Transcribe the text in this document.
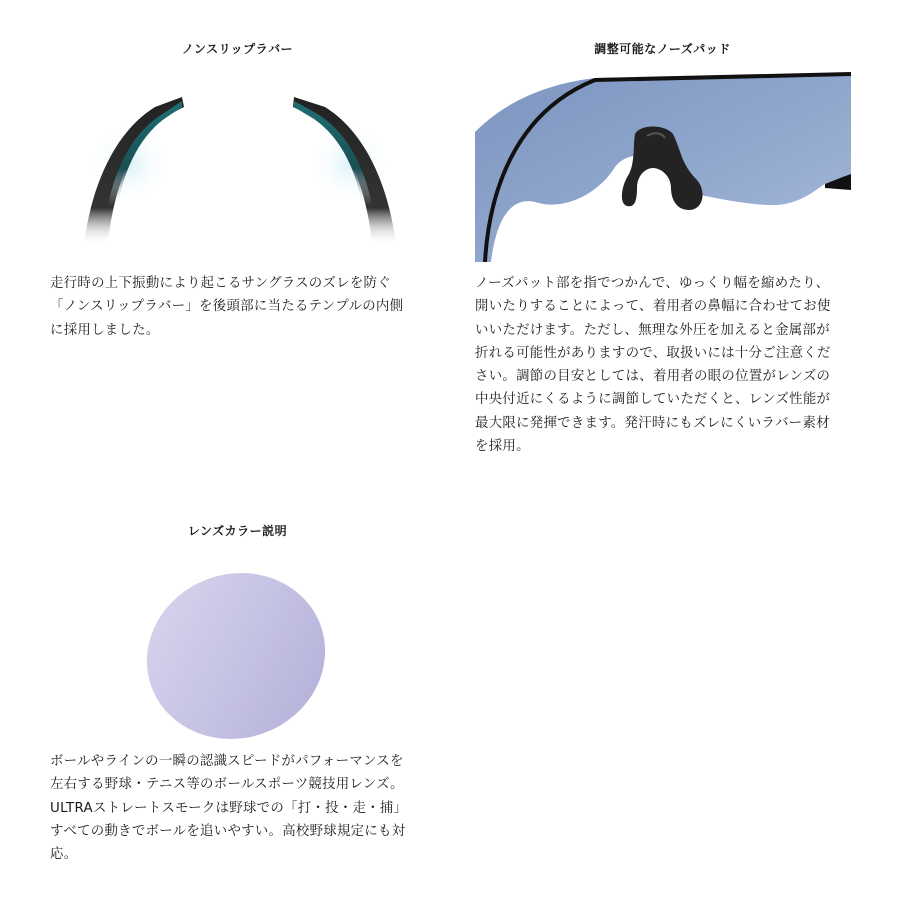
ノンスリップラバー

走行時の上下振動により起こるサングラスのズレを防ぐ
「ノンスリップラバー」を後頭部に当たるテンプルの内側
に採用しました。

調整可能なノーズパッド

ノーズパット部を指でつかんで、ゆっくり幅を縮めたり、
開いたりすることによって、着用者の鼻幅に合わせてお使
いいただけます。ただし、無理な外圧を加えると金属部が
折れる可能性がありますので、取扱いには十分ご注意くだ
さい。調節の目安としては、着用者の眼の位置がレンズの
中央付近にくるように調節していただくと、レンズ性能が
最大限に発揮できます。発汗時にもズレにくいラバー素材
を採用。

レンズカラー説明

ボールやラインの一瞬の認識スピードがパフォーマンスを
左右する野球・テニス等のボールスポーツ競技用レンズ。
ULTRAストレートスモークは野球での「打・投・走・捕」
すべての動きでボールを追いやすい。高校野球規定にも対
応。
